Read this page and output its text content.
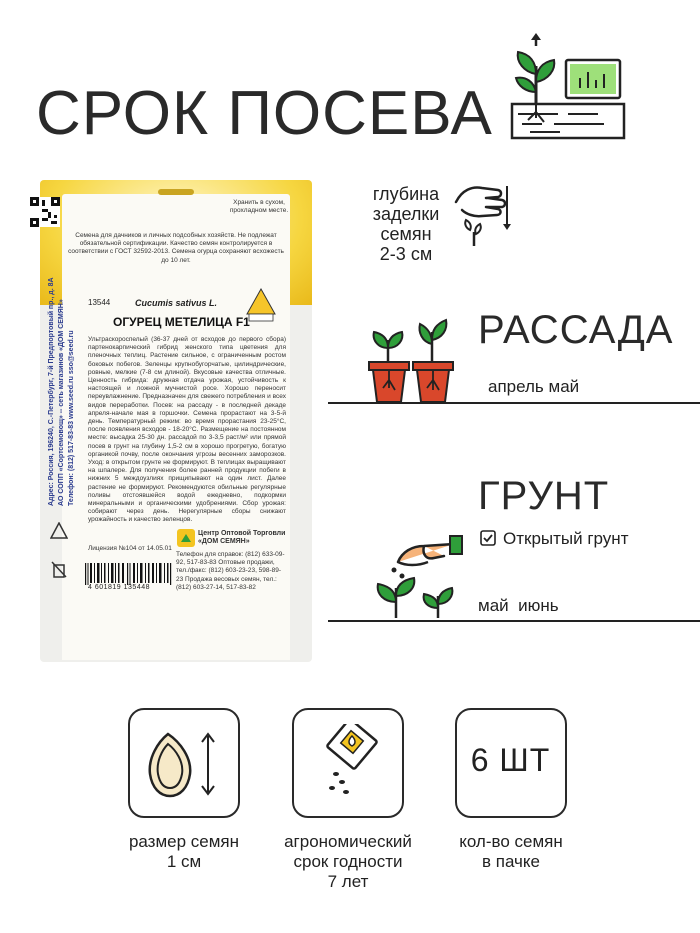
СРОК ПОСЕВА
Хранить в сухом, прохладном месте.
Семена для дачников и личных подсобных хозяйств. Не подлежат обязательной сертификации. Качество семян контролируется в соответствии с ГОСТ 32592-2013. Семена огурца сохраняют всхожесть до 10 лет.
13544	Cucumis sativus L.
ОГУРЕЦ МЕТЕЛИЦА F1
Ультраскороспелый (36-37 дней от всходов до первого сбора) партенокарпический гибрид женского типа цветения для пленочных теплиц. Растение сильное, с ограниченным ростом боковых побегов. Зеленцы крупнобугорчатые, цилиндрические, ровные, мелкие (7-8 см длиной). Вкусовые качества отличные. Ценность гибрида: дружная отдача урожая, устойчивость к настоящей и ложной мучнистой росе. Хорошо переносит переувлажнение. Предназначен для свежего потребления и всех видов переработки. Посев: на рассаду - в последней декаде апреля-начале мая в горшочки. Семена прорастают на 3-5-й день. Температурный режим: во время прорастания 23-25°С, после появления всходов - 18-20°С. Размещение на постоянном месте: высадка 25-30 дн. рассадой по 3-3,5 раст/м² или прямой посев в грунт на глубину 1,5-2 см в хорошо прогретую, богатую органикой почву, после окончания угрозы весенних заморозков. Уход: в открытом грунте не формируют. В теплицах выращивают на шпалере. Для получения более ранней продукции побеги в нижних 5 междоузлиях прищипывают на один лист. Далее растение не формируют. Рекомендуются обильные регулярные поливы отстоявшейся водой ежедневно, подкормки минеральными и органическими удобрениями. Сбор урожая: собирают через день. Нерегулярные сборы снижают урожайность и качество зеленцов.
Адрес: Россия, 196240, С.-Петербург, 7-й Предпортовый пр., д. 8А АО СОПП «Сортсемовощ» -- сеть магазинов «ДОМ СЕМЯН» Телефон: (812) 517-83-83 www.seed.ru sso@seed.ru
Центр Оптовой Торговли «ДОМ СЕМЯН»
Телефон для справок: (812) 633-09-92, 517-83-83 Оптовые продажи, тел./факс: (812) 603-23-23, 598-89-23 Продажа весовых семян, тел.: (812) 603-27-14, 517-83-82
Лицензия №104 от 14.05.01
4 601819 135448
глубина
заделки
семян
2-3 см
РАССАДА
апрель май
ГРУНТ
Открытый грунт
май  июнь
размер семян
1 см
агрономический
срок годности
7 лет
6 ШТ
кол-во семян
в пачке
